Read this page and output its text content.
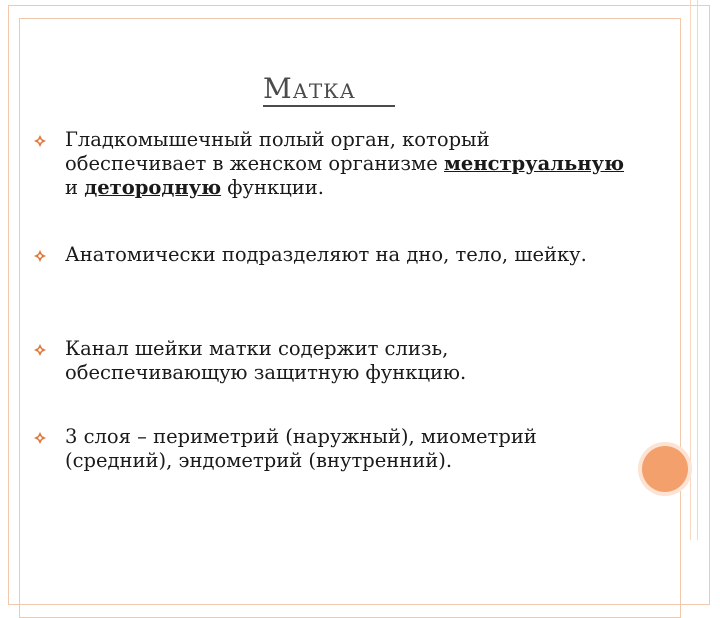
Матка
Гладкомышечный полый орган, который обеспечивает в женском организме менструальную и детородную функции.
Анатомически подразделяют на дно, тело, шейку.
Канал шейки матки содержит слизь, обеспечивающую защитную функцию.
3 слоя – периметрий (наружный), миометрий (средний), эндометрий (внутренний).
